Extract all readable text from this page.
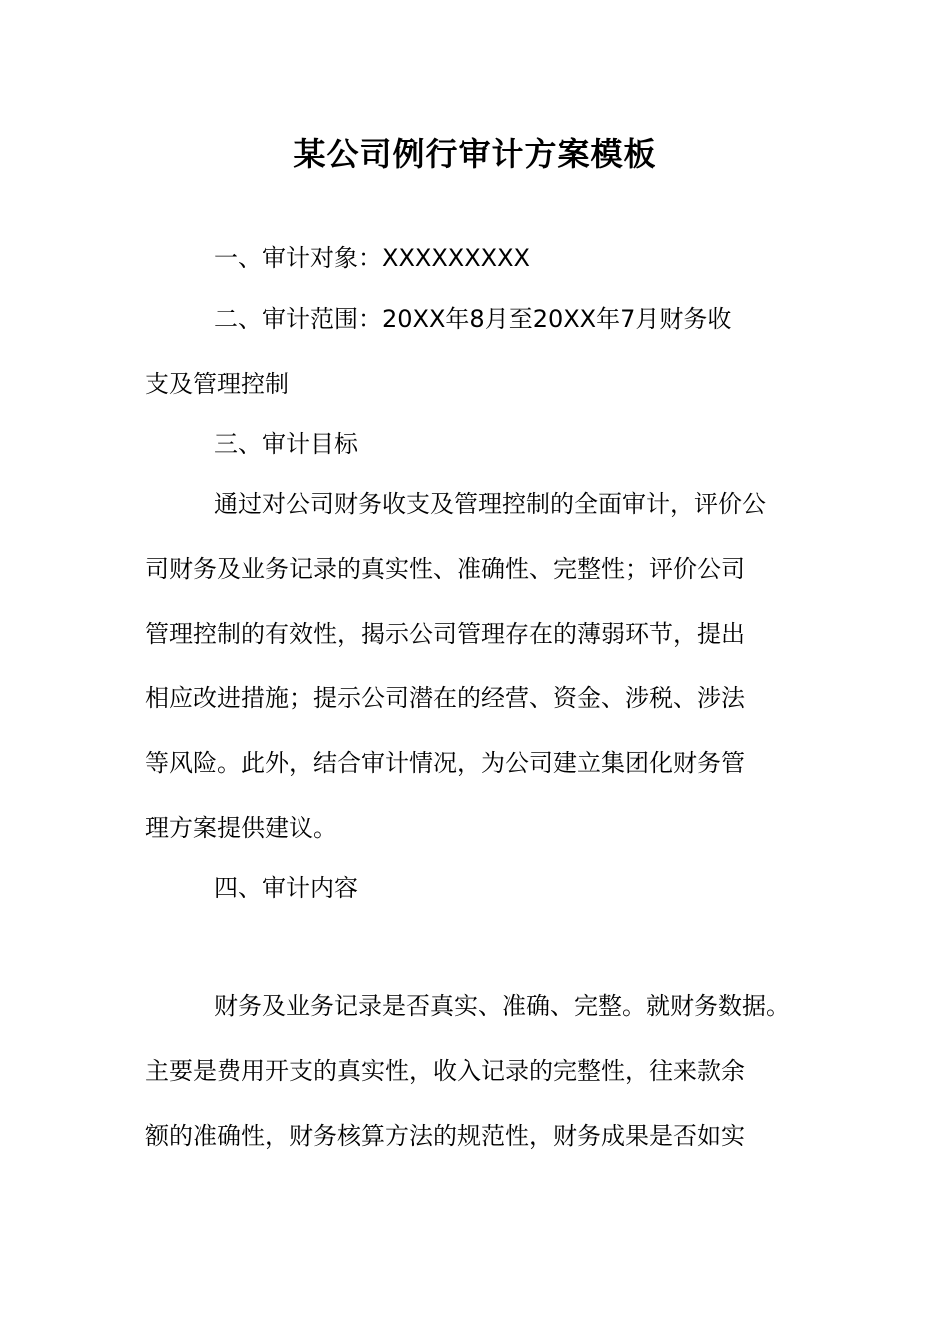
某公司例行审计方案模板
一、审计对象：XXXXXXXXX
二、审计范围：20XX年8月至20XX年7月财务收
支及管理控制
三、审计目标
通过对公司财务收支及管理控制的全面审计，评价公
司财务及业务记录的真实性、准确性、完整性；评价公司
管理控制的有效性，揭示公司管理存在的薄弱环节，提出
相应改进措施；提示公司潜在的经营、资金、涉税、涉法
等风险。此外，结合审计情况，为公司建立集团化财务管
理方案提供建议。
四、审计内容
财务及业务记录是否真实、准确、完整。就财务数据。
主要是费用开支的真实性，收入记录的完整性，往来款余
额的准确性，财务核算方法的规范性，财务成果是否如实
